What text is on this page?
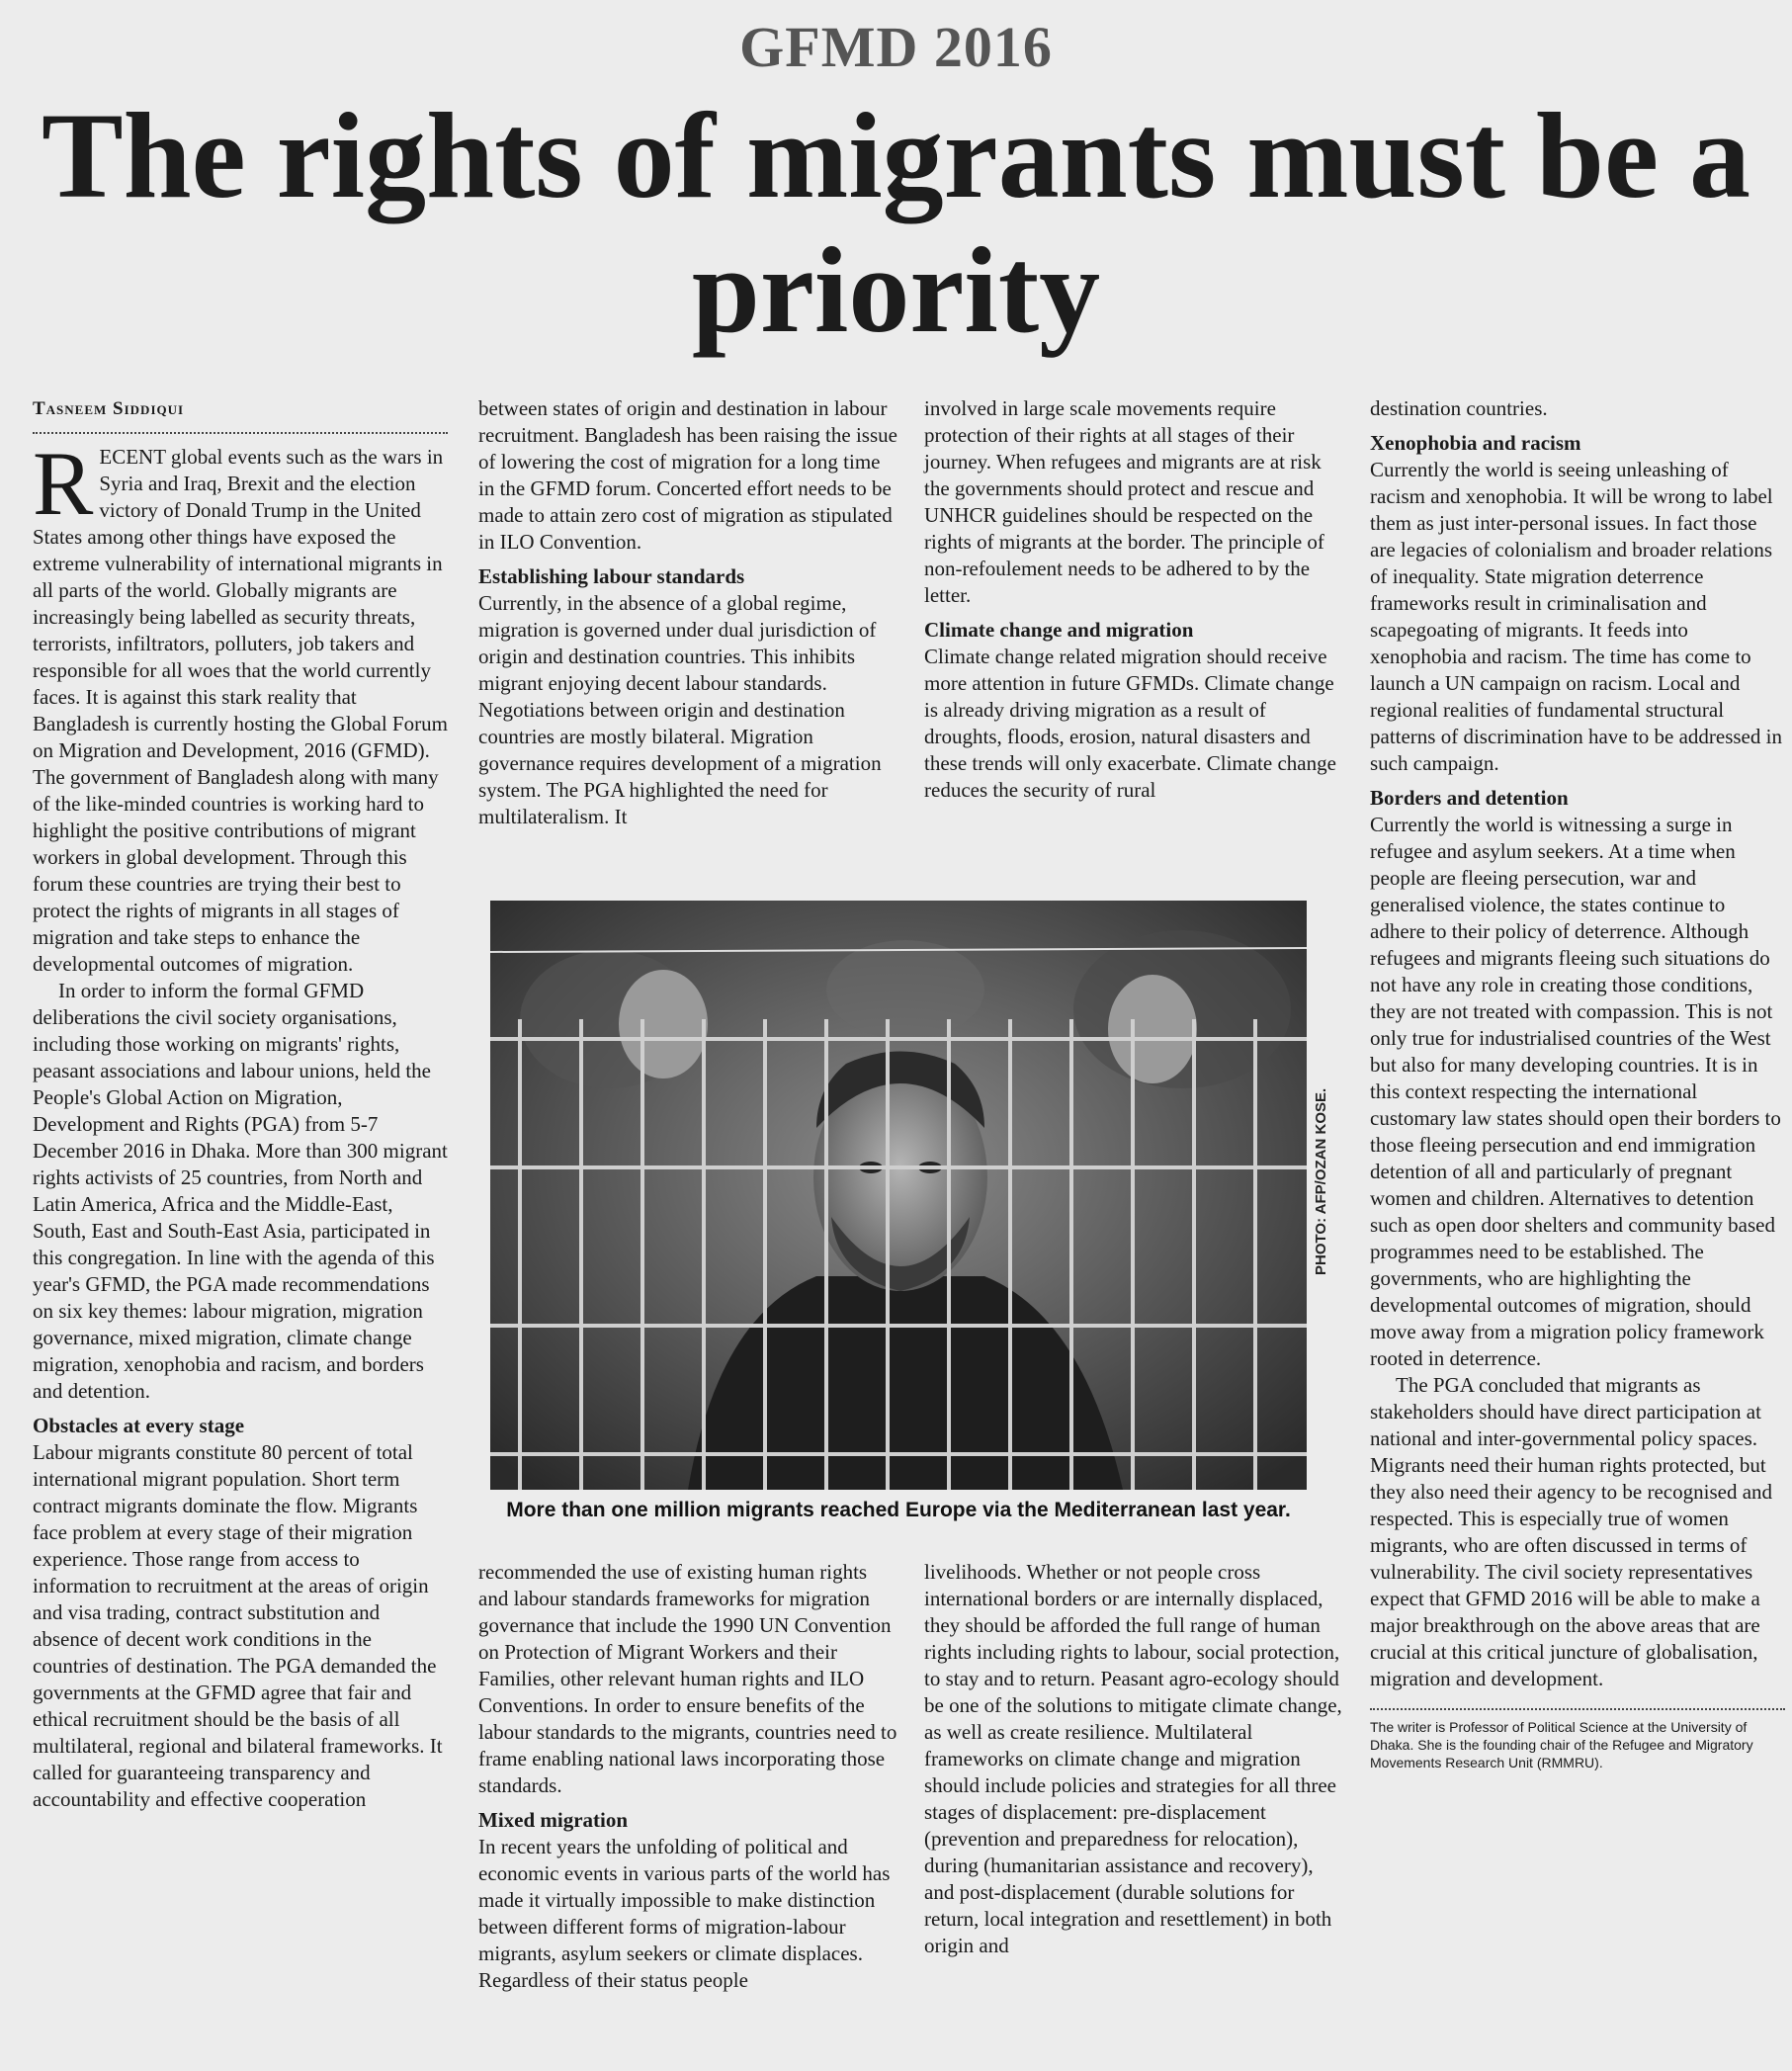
GFMD 2016
The rights of migrants must be a priority
Tasneem Siddiqui

RECENT global events such as the wars in Syria and Iraq, Brexit and the election victory of Donald Trump in the United States among other things have exposed the extreme vulnerability of international migrants in all parts of the world. Globally migrants are increasingly being labelled as security threats, terrorists, infiltrators, polluters, job takers and responsible for all woes that the world currently faces. It is against this stark reality that Bangladesh is currently hosting the Global Forum on Migration and Development, 2016 (GFMD). The government of Bangladesh along with many of the like-minded countries is working hard to highlight the positive contributions of migrant workers in global development. Through this forum these countries are trying their best to protect the rights of migrants in all stages of migration and take steps to enhance the developmental outcomes of migration.

In order to inform the formal GFMD deliberations the civil society organisations, including those working on migrants' rights, peasant associations and labour unions, held the People's Global Action on Migration, Development and Rights (PGA) from 5-7 December 2016 in Dhaka. More than 300 migrant rights activists of 25 countries, from North and Latin America, Africa and the Middle-East, South, East and South-East Asia, participated in this congregation. In line with the agenda of this year's GFMD, the PGA made recommendations on six key themes: labour migration, migration governance, mixed migration, climate change migration, xenophobia and racism, and borders and detention.

Obstacles at every stage

Labour migrants constitute 80 percent of total international migrant population. Short term contract migrants dominate the flow. Migrants face problem at every stage of their migration experience. Those range from access to information to recruitment at the areas of origin and visa trading, contract substitution and absence of decent work conditions in the countries of destination. The PGA demanded the governments at the GFMD agree that fair and ethical recruitment should be the basis of all multilateral, regional and bilateral frameworks. It called for guaranteeing transparency and accountability and effective cooperation

between states of origin and destination in labour recruitment. Bangladesh has been raising the issue of lowering the cost of migration for a long time in the GFMD forum. Concerted effort needs to be made to attain zero cost of migration as stipulated in ILO Convention.

Establishing labour standards

Currently, in the absence of a global regime, migration is governed under dual jurisdiction of origin and destination countries. This inhibits migrant enjoying decent labour standards. Negotiations between origin and destination countries are mostly bilateral. Migration governance requires development of a migration system. The PGA highlighted the need for multilateralism. It

involved in large scale movements require protection of their rights at all stages of their journey. When refugees and migrants are at risk the governments should protect and rescue and UNHCR guidelines should be respected on the rights of migrants at the border. The principle of non-refoulement needs to be adhered to by the letter.

Climate change and migration

Climate change related migration should receive more attention in future GFMDs. Climate change is already driving migration as a result of droughts, floods, erosion, natural disasters and these trends will only exacerbate. Climate change reduces the security of rural

PHOTO: AFP/OZAN KOSE.
More than one million migrants reached Europe via the Mediterranean last year.

recommended the use of existing human rights and labour standards frameworks for migration governance that include the 1990 UN Convention on Protection of Migrant Workers and their Families, other relevant human rights and ILO Conventions. In order to ensure benefits of the labour standards to the migrants, countries need to frame enabling national laws incorporating those standards.

Mixed migration

In recent years the unfolding of political and economic events in various parts of the world has made it virtually impossible to make distinction between different forms of migration-labour migrants, asylum seekers or climate displaces. Regardless of their status people

livelihoods. Whether or not people cross international borders or are internally displaced, they should be afforded the full range of human rights including rights to labour, social protection, to stay and to return. Peasant agro-ecology should be one of the solutions to mitigate climate change, as well as create resilience. Multilateral frameworks on climate change and migration should include policies and strategies for all three stages of displacement: pre-displacement (prevention and preparedness for relocation), during (humanitarian assistance and recovery), and post-displacement (durable solutions for return, local integration and resettlement) in both origin and

destination countries.

Xenophobia and racism

Currently the world is seeing unleashing of racism and xenophobia. It will be wrong to label them as just inter-personal issues. In fact those are legacies of colonialism and broader relations of inequality. State migration deterrence frameworks result in criminalisation and scapegoating of migrants. It feeds into xenophobia and racism. The time has come to launch a UN campaign on racism. Local and regional realities of fundamental structural patterns of discrimination have to be addressed in such campaign.

Borders and detention

Currently the world is witnessing a surge in refugee and asylum seekers. At a time when people are fleeing persecution, war and generalised violence, the states continue to adhere to their policy of deterrence. Although refugees and migrants fleeing such situations do not have any role in creating those conditions, they are not treated with compassion. This is not only true for industrialised countries of the West but also for many developing countries. It is in this context respecting the international customary law states should open their borders to those fleeing persecution and end immigration detention of all and particularly of pregnant women and children. Alternatives to detention such as open door shelters and community based programmes need to be established. The governments, who are highlighting the developmental outcomes of migration, should move away from a migration policy framework rooted in deterrence.

The PGA concluded that migrants as stakeholders should have direct participation at national and inter-governmental policy spaces. Migrants need their human rights protected, but they also need their agency to be recognised and respected. This is especially true of women migrants, who are often discussed in terms of vulnerability. The civil society representatives expect that GFMD 2016 will be able to make a major breakthrough on the above areas that are crucial at this critical juncture of globalisation, migration and development.

The writer is Professor of Political Science at the University of Dhaka. She is the founding chair of the Refugee and Migratory Movements Research Unit (RMMRU).
